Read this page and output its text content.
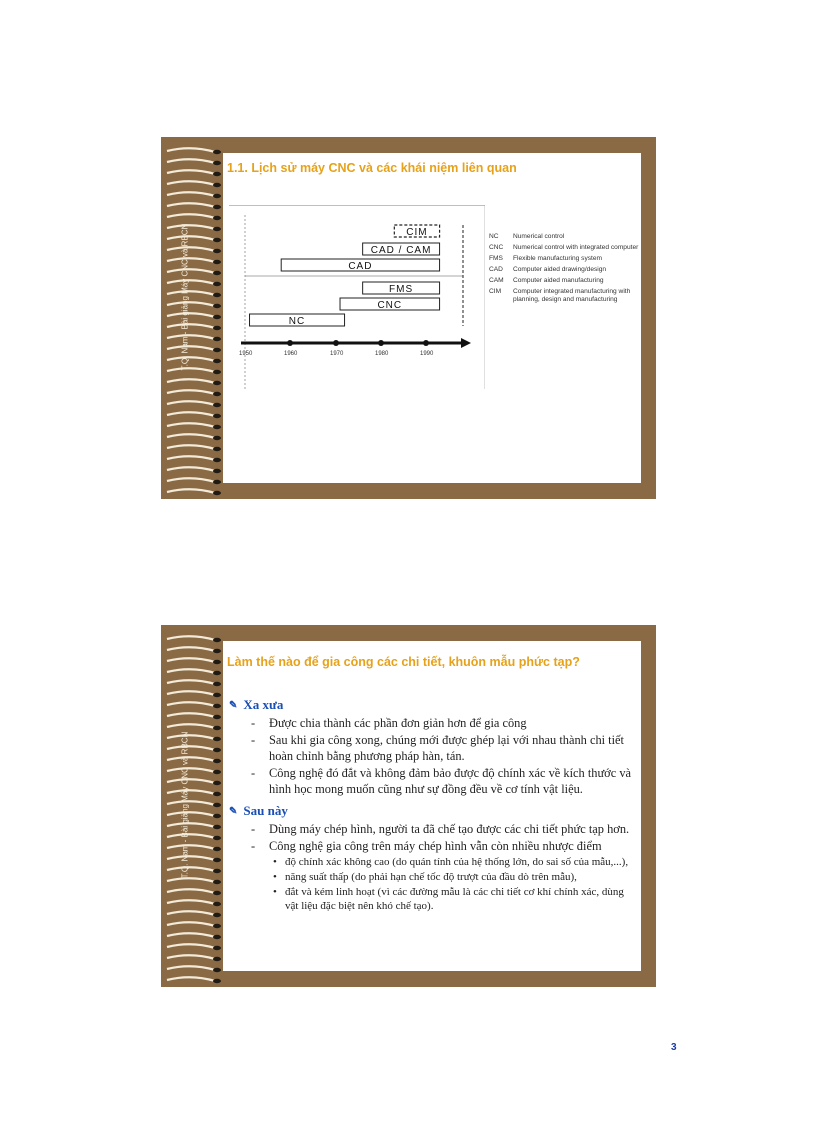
T.Q. Nam - Bài giảng Máy CNC và RBCN
1.1. Lịch sử máy CNC và các khái niệm liên quan
1950	1960	1970	1980	1990
CIM
CAD / CAM
CAD
FMS
CNC
NC
NC	Numerical control
CNC	Numerical control with integrated computer
FMS	Flexible manufacturing system
CAD	Computer aided drawing/design
CAM	Computer aided manufacturing
CIM	Computer integrated manufacturing with planning, design and manufacturing
T.Q. Nam - Bài giảng Máy CNC và RBCN
Làm thế nào để gia công các chi tiết, khuôn mẫu phức tạp?
✎ Xa xưa
- Được chia thành các phần đơn giản hơn để gia công
- Sau khi gia công xong, chúng mới được ghép lại với nhau thành chi tiết hoàn chỉnh bằng phương pháp hàn, tán.
- Công nghệ đó đắt và không đảm bảo được độ chính xác về kích thước và hình học mong muốn cũng như sự đồng đều về cơ tính vật liệu.
✎ Sau này
- Dùng máy chép hình, người ta đã chế tạo được các chi tiết phức tạp hơn.
- Công nghệ gia công trên máy chép hình vẫn còn nhiều nhược điểm
• độ chính xác không cao (do quán tính của hệ thống lớn, do sai số của mẫu,...),
• năng suất thấp (do phải hạn chế tốc độ trượt của đầu dò trên mẫu),
• đắt và kém linh hoạt (vì các đường mẫu là các chi tiết cơ khí chính xác, dùng vật liệu đặc biệt nên khó chế tạo).
3
